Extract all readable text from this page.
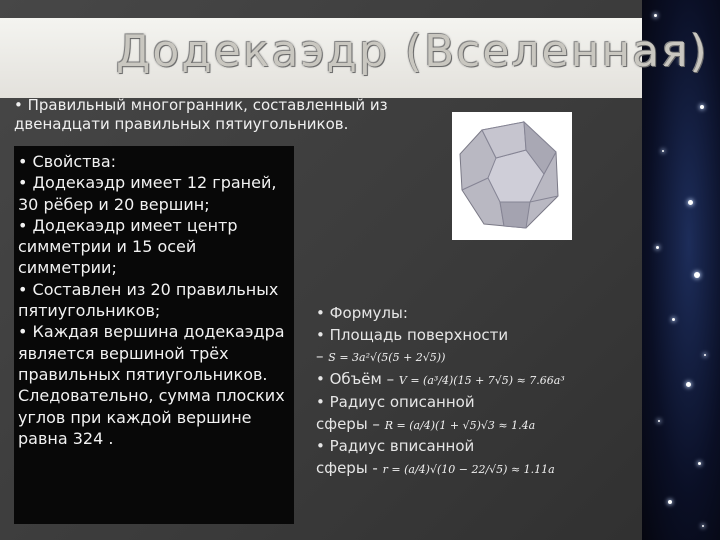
Додекаэдр (Вселенная)
• Правильный многогранник, составленный из двенадцати правильных пятиугольников.
• Свойства:
• Додекаэдр имеет 12 граней, 30 рёбер и 20 вершин;
• Додекаэдр имеет центр симметрии и 15 осей симметрии;
• Составлен из 20 правильных пятиугольников;
• Каждая вершина додекаэдра является вершиной трёх правильных пятиугольников. Следовательно, сумма плоских углов при каждой вершине равна 324 .
• Формулы:
• Площадь поверхности
– S = 3a²√(5(5 + 2√5))
• Объём – V = (a³/4)(15 + 7√5) ≈ 7.66a³
• Радиус описанной
сферы – R = (a/4)(1 + √5)√3 ≈ 1.4a
• Радиус вписанной
сферы - r = (a/4)√(10 − 22/√5) ≈ 1.11a
